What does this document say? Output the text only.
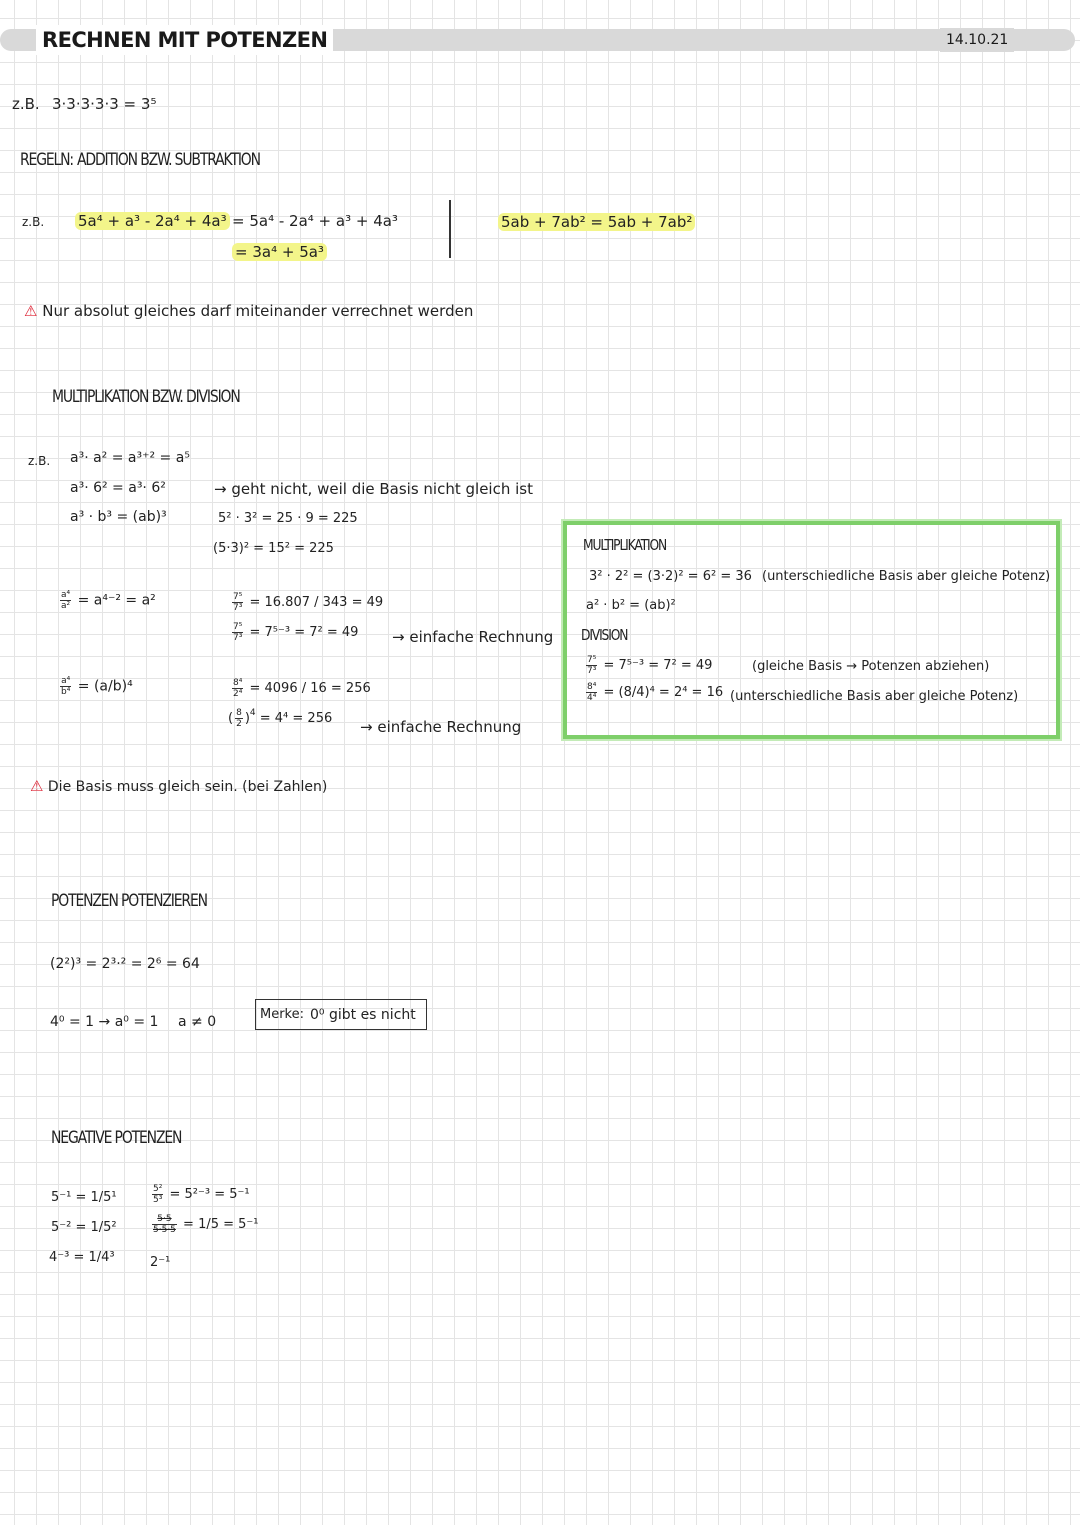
RECHNEN MIT POTENZEN	14.10.21
z.B. 3·3·3·3·3 = 3⁵
REGELN: ADDITION BZW. SUBTRAKTION
z.B. 5a⁴ + a³ - 2a⁴ + 4a³ = 5a⁴ - 2a⁴ + a³ + 4a³
= 3a⁴ + 5a³
5ab + 7ab² = 5ab + 7ab²
⚠ Nur absolut gleiches darf miteinander verrechnet werden
MULTIPLIKATION BZW. DIVISION
z.B. a³· a² = a³⁺² = a⁵
a³· 6² = a³· 6²
a³ · b³ = (ab)³
→ geht nicht, weil die Basis nicht gleich ist
5² · 3² = 25 · 9 = 225
(5·3)² = 15² = 225
$\frac{\text{a⁴}}{\text{a²}} = a^{4-2} = a^2$
$\frac{\text{a⁴}}{\text{b⁴}} = (a/b)^4$
$\frac{\text{7⁵}}{\text{7³}} = 16.807 / 343 = 49$
$\frac{\text{7⁵}}{\text{7³}} = 7^{5-3} = 7^2 = 49$ → einfache Rechnung
$\frac{\text{8⁴}}{\text{2⁴}} = 4096 / 16 = 256$
( $\frac{8}{2} )^4 = 4^4 = 256$ → einfache Rechnung
⚠ Die Basis muss gleich sein. (bei Zahlen)
MULTIPLIKATION
3² · 2² = (3·2)² = 6² = 36 (unterschiedliche Basis aber gleiche Potenz)
a² · b² = (ab)²
DIVISION
$\frac{\text{7⁵}}{\text{7³}} = 7^{5-3} = 7^2 = 49$	(gleiche Basis → Potenzen abziehen)
$\frac{\text{8⁴}}{\text{4⁴}} = (8/4)^4 = 2^4 = 16$ (unterschiedliche Basis aber gleiche Potenz)
POTENZEN POTENZIEREN
(2²)³ = 2³·² = 2⁶ = 64
4⁰ = 1 → a⁰ = 1 a ≠ 0	Merke: 0⁰ gibt es nicht
NEGATIVE POTENZEN
5⁻¹ = 1/5¹
5⁻² = 1/5²
4⁻³ = 1/4³
$\frac{\text{5²}}{\text{5³}} = 5^{2-3} = 5^{-1}$
$\frac{5\cdot 5}{5\cdot 5\cdot 5} = 1/5 = 5^{-1}$
2⁻¹
